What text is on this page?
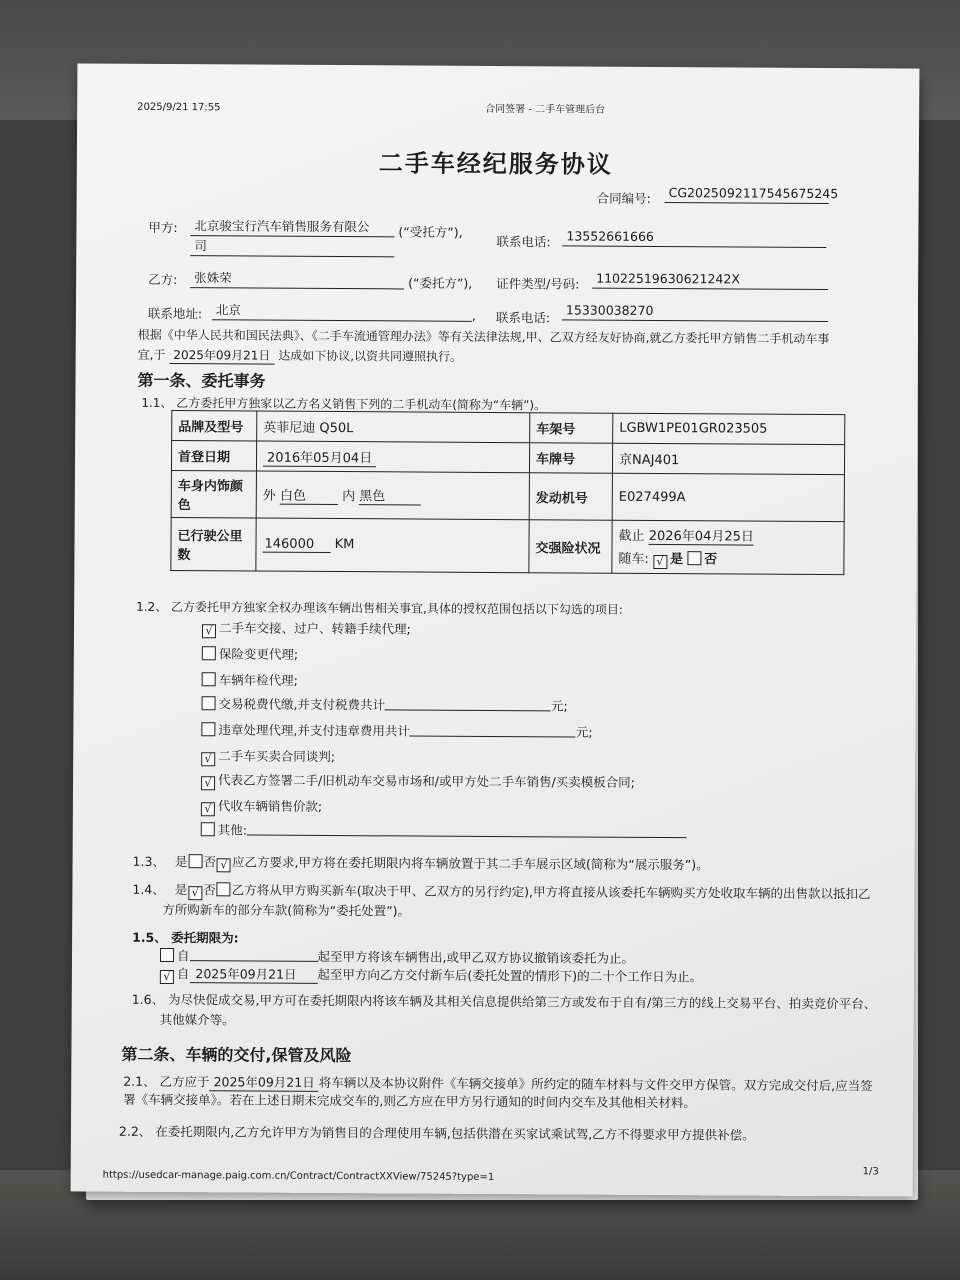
2025/9/21 17:55	合同签署 - 二手车管理后台
二手车经纪服务协议
合同编号:	CG2025092117545675245
甲方:	北京骏宝行汽车销售服务有限公
司
(“受托方”),
联系电话:	13552661666
乙方:	张姝荣	(“委托方”), 证件类型/号码:	11022519630621242X
联系地址:	北京	, 联系电话:	15330038270
根据《中华人民共和国民法典》、《二手车流通管理办法》等有关法律法规,甲、乙双方经友好协商,就乙方委托甲方销售二手机动车事
宜,于 2025年09月21日 达成如下协议,以资共同遵照执行。
第一条、委托事务
1.1、 乙方委托甲方独家以乙方名义销售下列的二手机动车(简称为“车辆”)。
品牌及型号	英菲尼迪 Q50L	车架号	LGBW1PE01GR023505
首登日期	2016年05月04日	车牌号	京NAJ401
车身内饰颜色	外 白色 内 黑色	发动机号	E027499A
已行驶公里数	146000 KM	交强险状况	截止 2026年04月25日
随车: √ 是 否
1.2、 乙方委托甲方独家全权办理该车辆出售相关事宜,具体的授权范围包括以下勾选的项目:
√ 二手车交接、过户、转籍手续代理;
保险变更代理;
车辆年检代理;
交易税费代缴,并支付税费共计	元;
违章处理代理,并支付违章费用共计	元;
√ 二手车买卖合同谈判;
√ 代表乙方签署二手/旧机动车交易市场和/或甲方处二手车销售/买卖模板合同;
√ 代收车辆销售价款;
其他:
1.3、 是 否 √ 应乙方要求,甲方将在委托期限内将车辆放置于其二手车展示区域(简称为“展示服务”)。
1.4、 是 √ 否 乙方将从甲方购买新车(取决于甲、乙双方的另行约定),甲方将直接从该委托车辆购买方处收取车辆的出售款以抵扣乙
方所购新车的部分车款(简称为“委托处置”)。
1.5、 委托期限为:
自	起至甲方将该车辆售出,或甲乙双方协议撤销该委托为止。
√ 自 2025年09月21日 起至甲方向乙方交付新车后(委托处置的情形下)的二十个工作日为止。
1.6、 为尽快促成交易,甲方可在委托期限内将该车辆及其相关信息提供给第三方或发布于自有/第三方的线上交易平台、拍卖竞价平台、
其他媒介等。
第二条、车辆的交付,保管及风险
2.1、 乙方应于 2025年09月21日 将车辆以及本协议附件《车辆交接单》所约定的随车材料与文件交甲方保管。双方完成交付后,应当签
署《车辆交接单》。若在上述日期未完成交车的,则乙方应在甲方另行通知的时间内交车及其他相关材料。
2.2、 在委托期限内,乙方允许甲方为销售目的合理使用车辆,包括供潜在买家试乘试驾,乙方不得要求甲方提供补偿。
https://usedcar-manage.paig.com.cn/Contract/ContractXXView/75245?type=1	1/3
